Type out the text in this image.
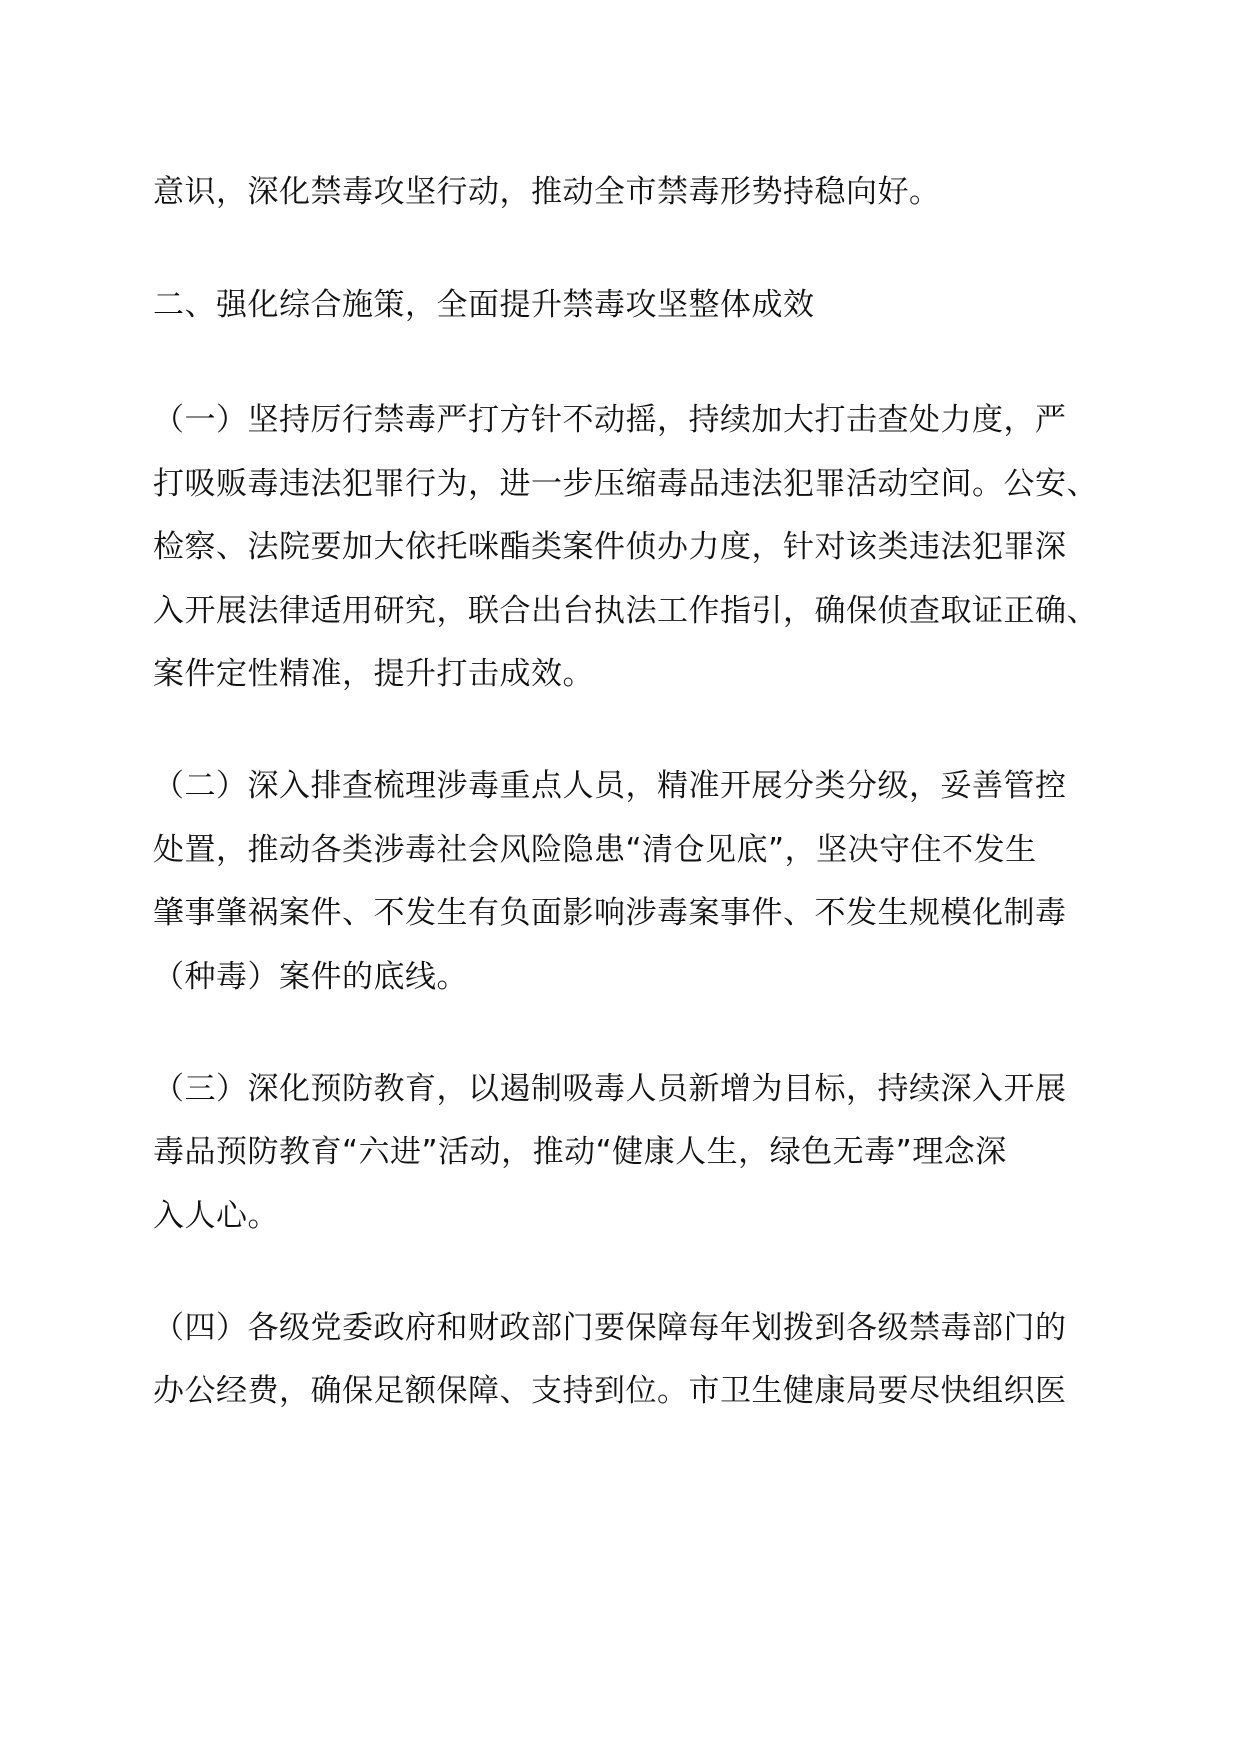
意识，深化禁毒攻坚行动，推动全市禁毒形势持稳向好。
二、强化综合施策，全面提升禁毒攻坚整体成效
（一）坚持厉行禁毒严打方针不动摇，持续加大打击查处力度，严
打吸贩毒违法犯罪行为，进一步压缩毒品违法犯罪活动空间。公安、
检察、法院要加大依托咪酯类案件侦办力度，针对该类违法犯罪深
入开展法律适用研究，联合出台执法工作指引，确保侦查取证正确、
案件定性精准，提升打击成效。
（二）深入排查梳理涉毒重点人员，精准开展分类分级，妥善管控
处置，推动各类涉毒社会风险隐患“清仓见底”，坚决守住不发生
肇事肇祸案件、不发生有负面影响涉毒案事件、不发生规模化制毒
（种毒）案件的底线。
（三）深化预防教育，以遏制吸毒人员新增为目标，持续深入开展
毒品预防教育“六进”活动，推动“健康人生，绿色无毒”理念深
入人心。
（四）各级党委政府和财政部门要保障每年划拨到各级禁毒部门的
办公经费，确保足额保障、支持到位。市卫生健康局要尽快组织医
